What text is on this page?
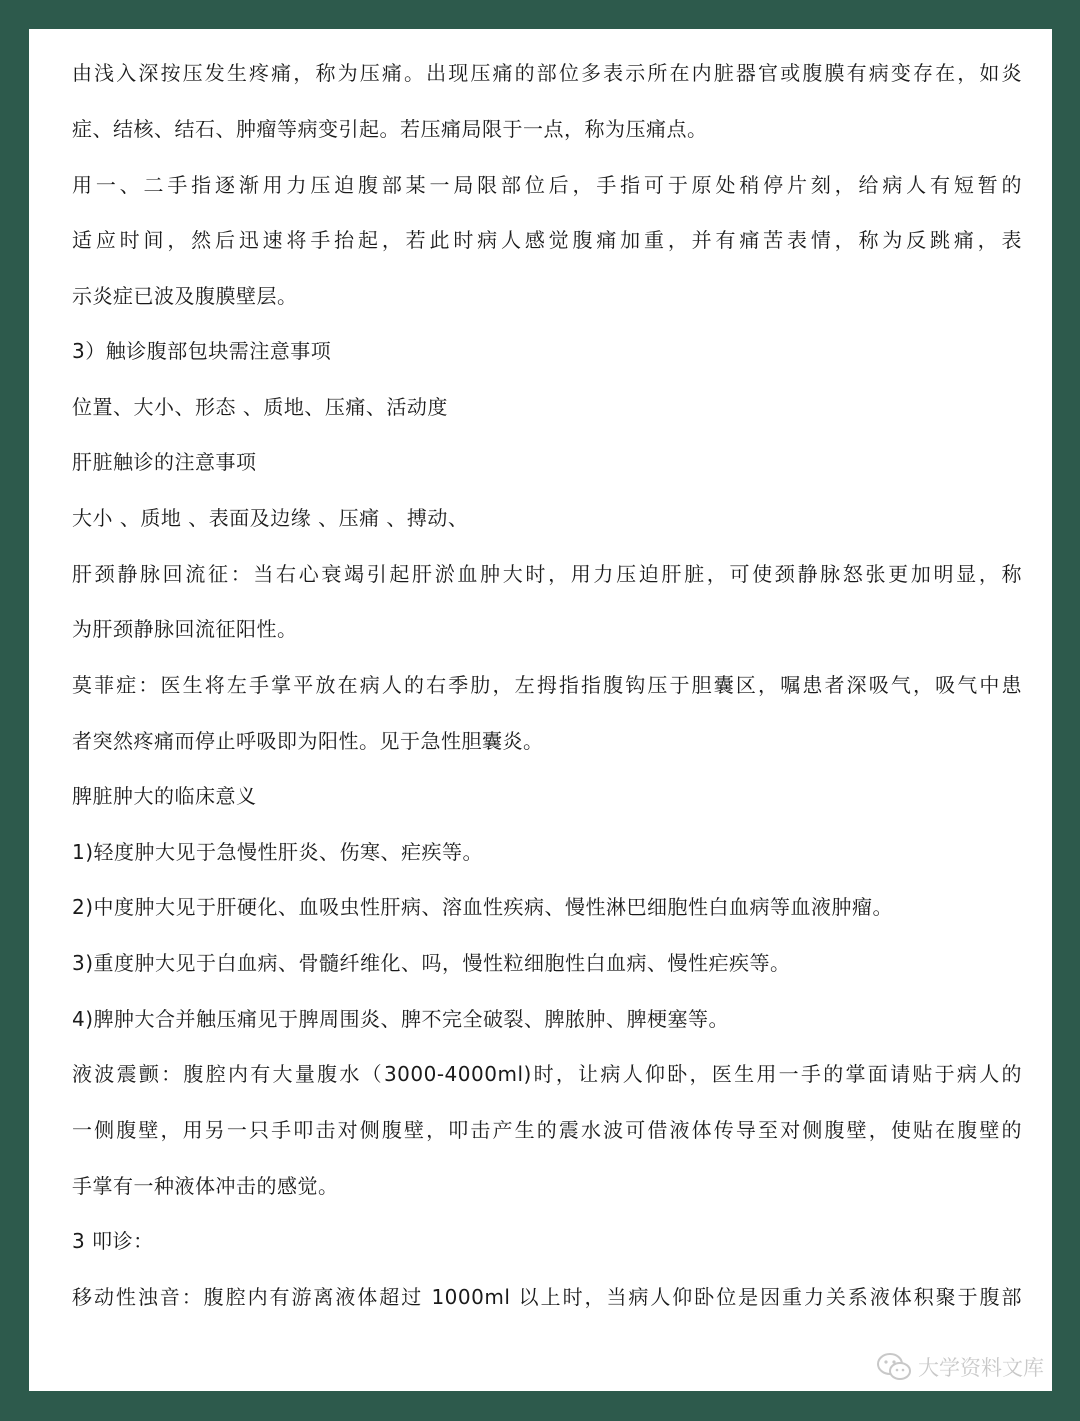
由浅入深按压发生疼痛，称为压痛。出现压痛的部位多表示所在内脏器官或腹膜有病变存在，如炎
症、结核、结石、肿瘤等病变引起。若压痛局限于一点，称为压痛点。
用一、二手指逐渐用力压迫腹部某一局限部位后，手指可于原处稍停片刻，给病人有短暂的
适应时间，然后迅速将手抬起，若此时病人感觉腹痛加重，并有痛苦表情，称为反跳痛，表
示炎症已波及腹膜壁层。
3）触诊腹部包块需注意事项
位置、大小、形态 、质地、压痛、活动度
肝脏触诊的注意事项
大小 、质地 、表面及边缘 、压痛 、搏动、
肝颈静脉回流征：当右心衰竭引起肝淤血肿大时，用力压迫肝脏，可使颈静脉怒张更加明显，称
为肝颈静脉回流征阳性。
莫菲症：医生将左手掌平放在病人的右季肋，左拇指指腹钩压于胆囊区，嘱患者深吸气，吸气中患
者突然疼痛而停止呼吸即为阳性。见于急性胆囊炎。
脾脏肿大的临床意义
1)轻度肿大见于急慢性肝炎、伤寒、疟疾等。
2)中度肿大见于肝硬化、血吸虫性肝病、溶血性疾病、慢性淋巴细胞性白血病等血液肿瘤。
3)重度肿大见于白血病、骨髓纤维化、吗，慢性粒细胞性白血病、慢性疟疾等。
4)脾肿大合并触压痛见于脾周围炎、脾不完全破裂、脾脓肿、脾梗塞等。
液波震颤：腹腔内有大量腹水（3000-4000ml)时，让病人仰卧，医生用一手的掌面请贴于病人的
一侧腹壁，用另一只手叩击对侧腹壁，叩击产生的震水波可借液体传导至对侧腹壁，使贴在腹壁的
手掌有一种液体冲击的感觉。
3 叩诊：
移动性浊音：腹腔内有游离液体超过 1000ml 以上时，当病人仰卧位是因重力关系液体积聚于腹部
大学资料文库
